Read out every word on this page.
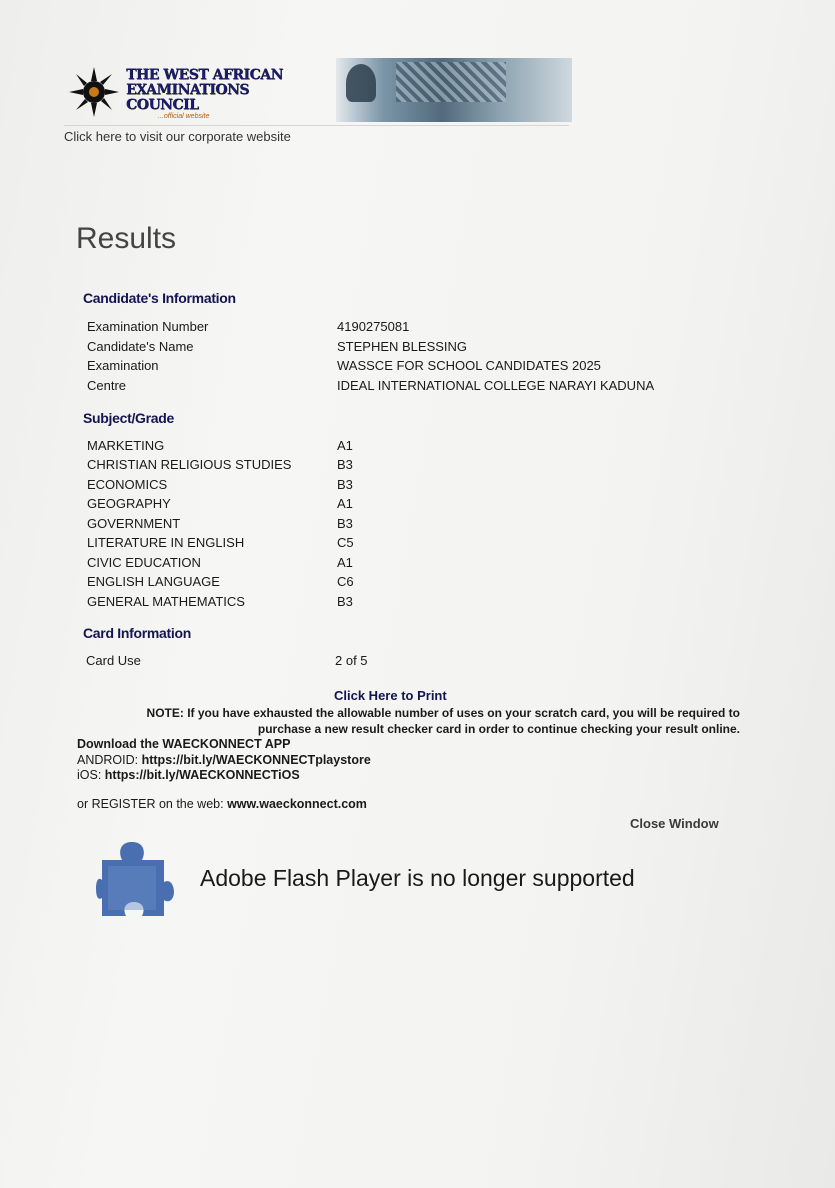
THE WEST AFRICAN
EXAMINATIONS COUNCIL
...official website
Click here to visit our corporate website
Results
Candidate's Information
Examination Number	4190275081
Candidate's Name	STEPHEN BLESSING
Examination	WASSCE FOR SCHOOL CANDIDATES 2025
Centre	IDEAL INTERNATIONAL COLLEGE NARAYI KADUNA
Subject/Grade
MARKETING	A1
CHRISTIAN RELIGIOUS STUDIES	B3
ECONOMICS	B3
GEOGRAPHY	A1
GOVERNMENT	B3
LITERATURE IN ENGLISH	C5
CIVIC EDUCATION	A1
ENGLISH LANGUAGE	C6
GENERAL MATHEMATICS	B3
Card Information
Card Use	2 of 5
Click Here to Print
NOTE: If you have exhausted the allowable number of uses on your scratch card, you will be required to
purchase a new result checker card in order to continue checking your result online.
Download the WAECKONNECT APP
ANDROID: https://bit.ly/WAECKONNECTplaystore
iOS: https://bit.ly/WAECKONNECTiOS
or REGISTER on the web: www.waeckonnect.com
Close Window
Adobe Flash Player is no longer supported
